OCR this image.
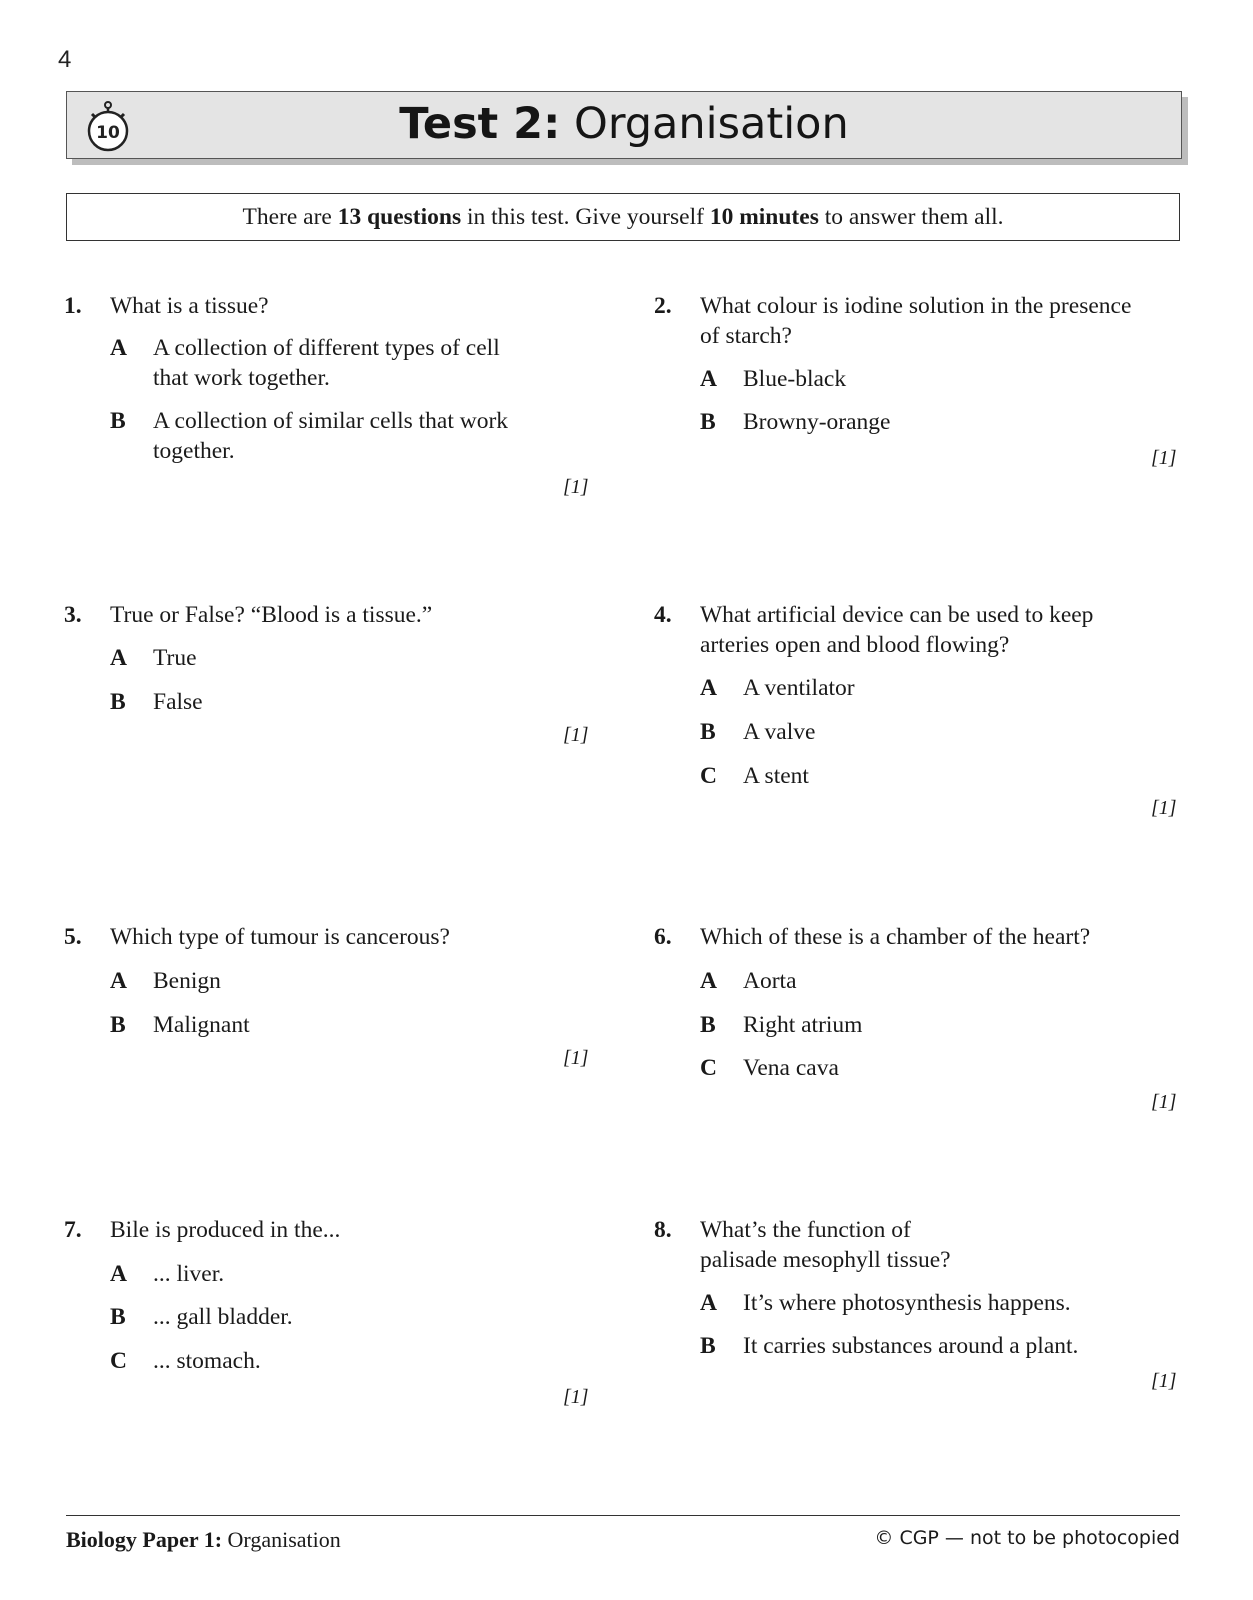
4
10	Test 2: Organisation
There are 13 questions in this test. Give yourself 10 minutes to answer them all.
1. What is a tissue?
A A collection of different types of cell
that work together.
B A collection of similar cells that work
together.
[1]
2. What colour is iodine solution in the presence
of starch?
A Blue-black
B Browny-orange
[1]
3. True or False? “Blood is a tissue.”
A True
B False
[1]
4. What artificial device can be used to keep
arteries open and blood flowing?
A A ventilator
B A valve
C A stent
[1]
5. Which type of tumour is cancerous?
A Benign
B Malignant
[1]
6. Which of these is a chamber of the heart?
A Aorta
B Right atrium
C Vena cava
[1]
7. Bile is produced in the...
A ... liver.
B ... gall bladder.
C ... stomach.
[1]
8. What’s the function of
palisade mesophyll tissue?
A It’s where photosynthesis happens.
B It carries substances around a plant.
[1]
Biology Paper 1: Organisation	© CGP — not to be photocopied
